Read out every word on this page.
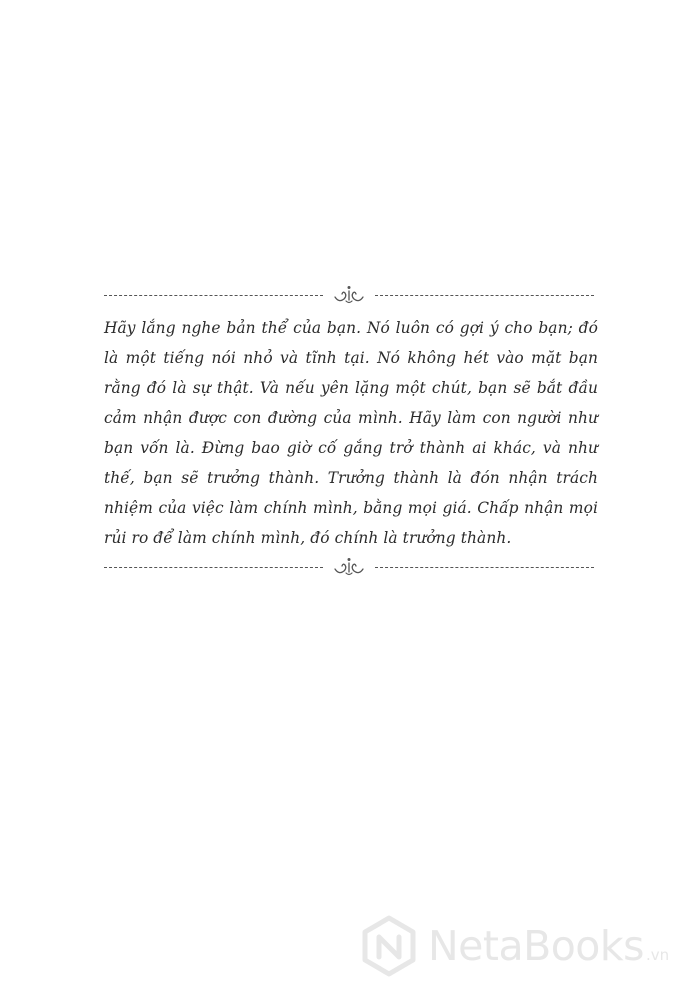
Hãy lắng nghe bản thể của bạn. Nó luôn có gợi ý cho bạn; đó là một tiếng nói nhỏ và tĩnh tại. Nó không hét vào mặt bạn rằng đó là sự thật. Và nếu yên lặng một chút, bạn sẽ bắt đầu cảm nhận được con đường của mình. Hãy làm con người như bạn vốn là. Đừng bao giờ cố gắng trở thành ai khác, và như thế, bạn sẽ trưởng thành. Trưởng thành là đón nhận trách nhiệm của việc làm chính mình, bằng mọi giá. Chấp nhận mọi rủi ro để làm chính mình, đó chính là trưởng thành.

NetaBooks .vn
